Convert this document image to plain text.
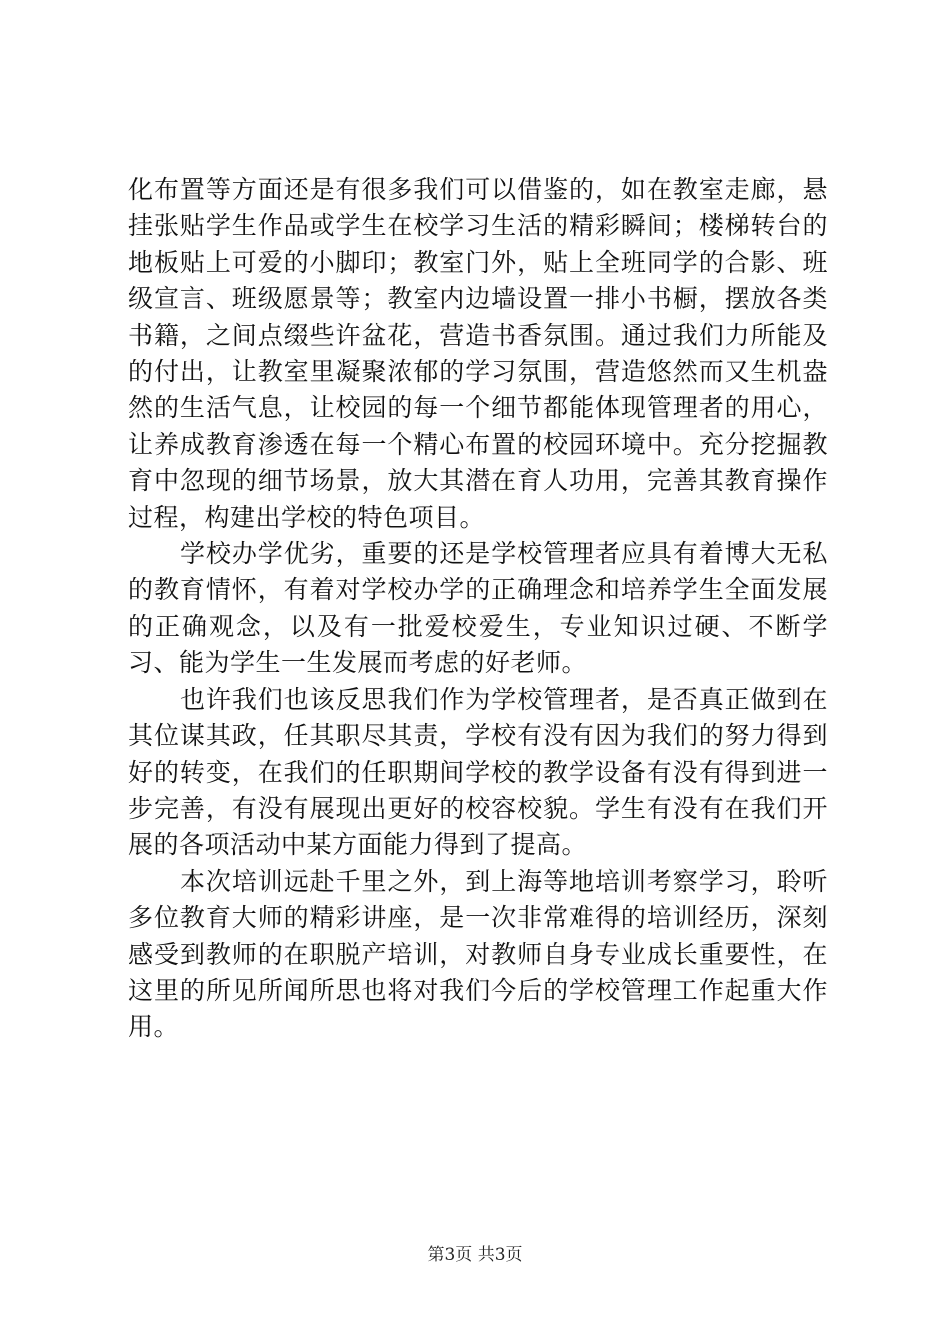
化布置等方面还是有很多我们可以借鉴的，如在教室走廊，悬挂张贴学生作品或学生在校学习生活的精彩瞬间；楼梯转台的地板贴上可爱的小脚印；教室门外，贴上全班同学的合影、班级宣言、班级愿景等；教室内边墙设置一排小书橱，摆放各类书籍，之间点缀些许盆花，营造书香氛围。通过我们力所能及的付出，让教室里凝聚浓郁的学习氛围，营造悠然而又生机盎然的生活气息，让校园的每一个细节都能体现管理者的用心，让养成教育渗透在每一个精心布置的校园环境中。充分挖掘教育中忽现的细节场景，放大其潜在育人功用，完善其教育操作过程，构建出学校的特色项目。

学校办学优劣，重要的还是学校管理者应具有着博大无私的教育情怀，有着对学校办学的正确理念和培养学生全面发展的正确观念，以及有一批爱校爱生，专业知识过硬、不断学习、能为学生一生发展而考虑的好老师。

也许我们也该反思我们作为学校管理者，是否真正做到在其位谋其政，任其职尽其责，学校有没有因为我们的努力得到好的转变，在我们的任职期间学校的教学设备有没有得到进一步完善，有没有展现出更好的校容校貌。学生有没有在我们开展的各项活动中某方面能力得到了提高。

本次培训远赴千里之外，到上海等地培训考察学习，聆听多位教育大师的精彩讲座，是一次非常难得的培训经历，深刻感受到教师的在职脱产培训，对教师自身专业成长重要性，在这里的所见所闻所思也将对我们今后的学校管理工作起重大作用。

第3页 共3页
